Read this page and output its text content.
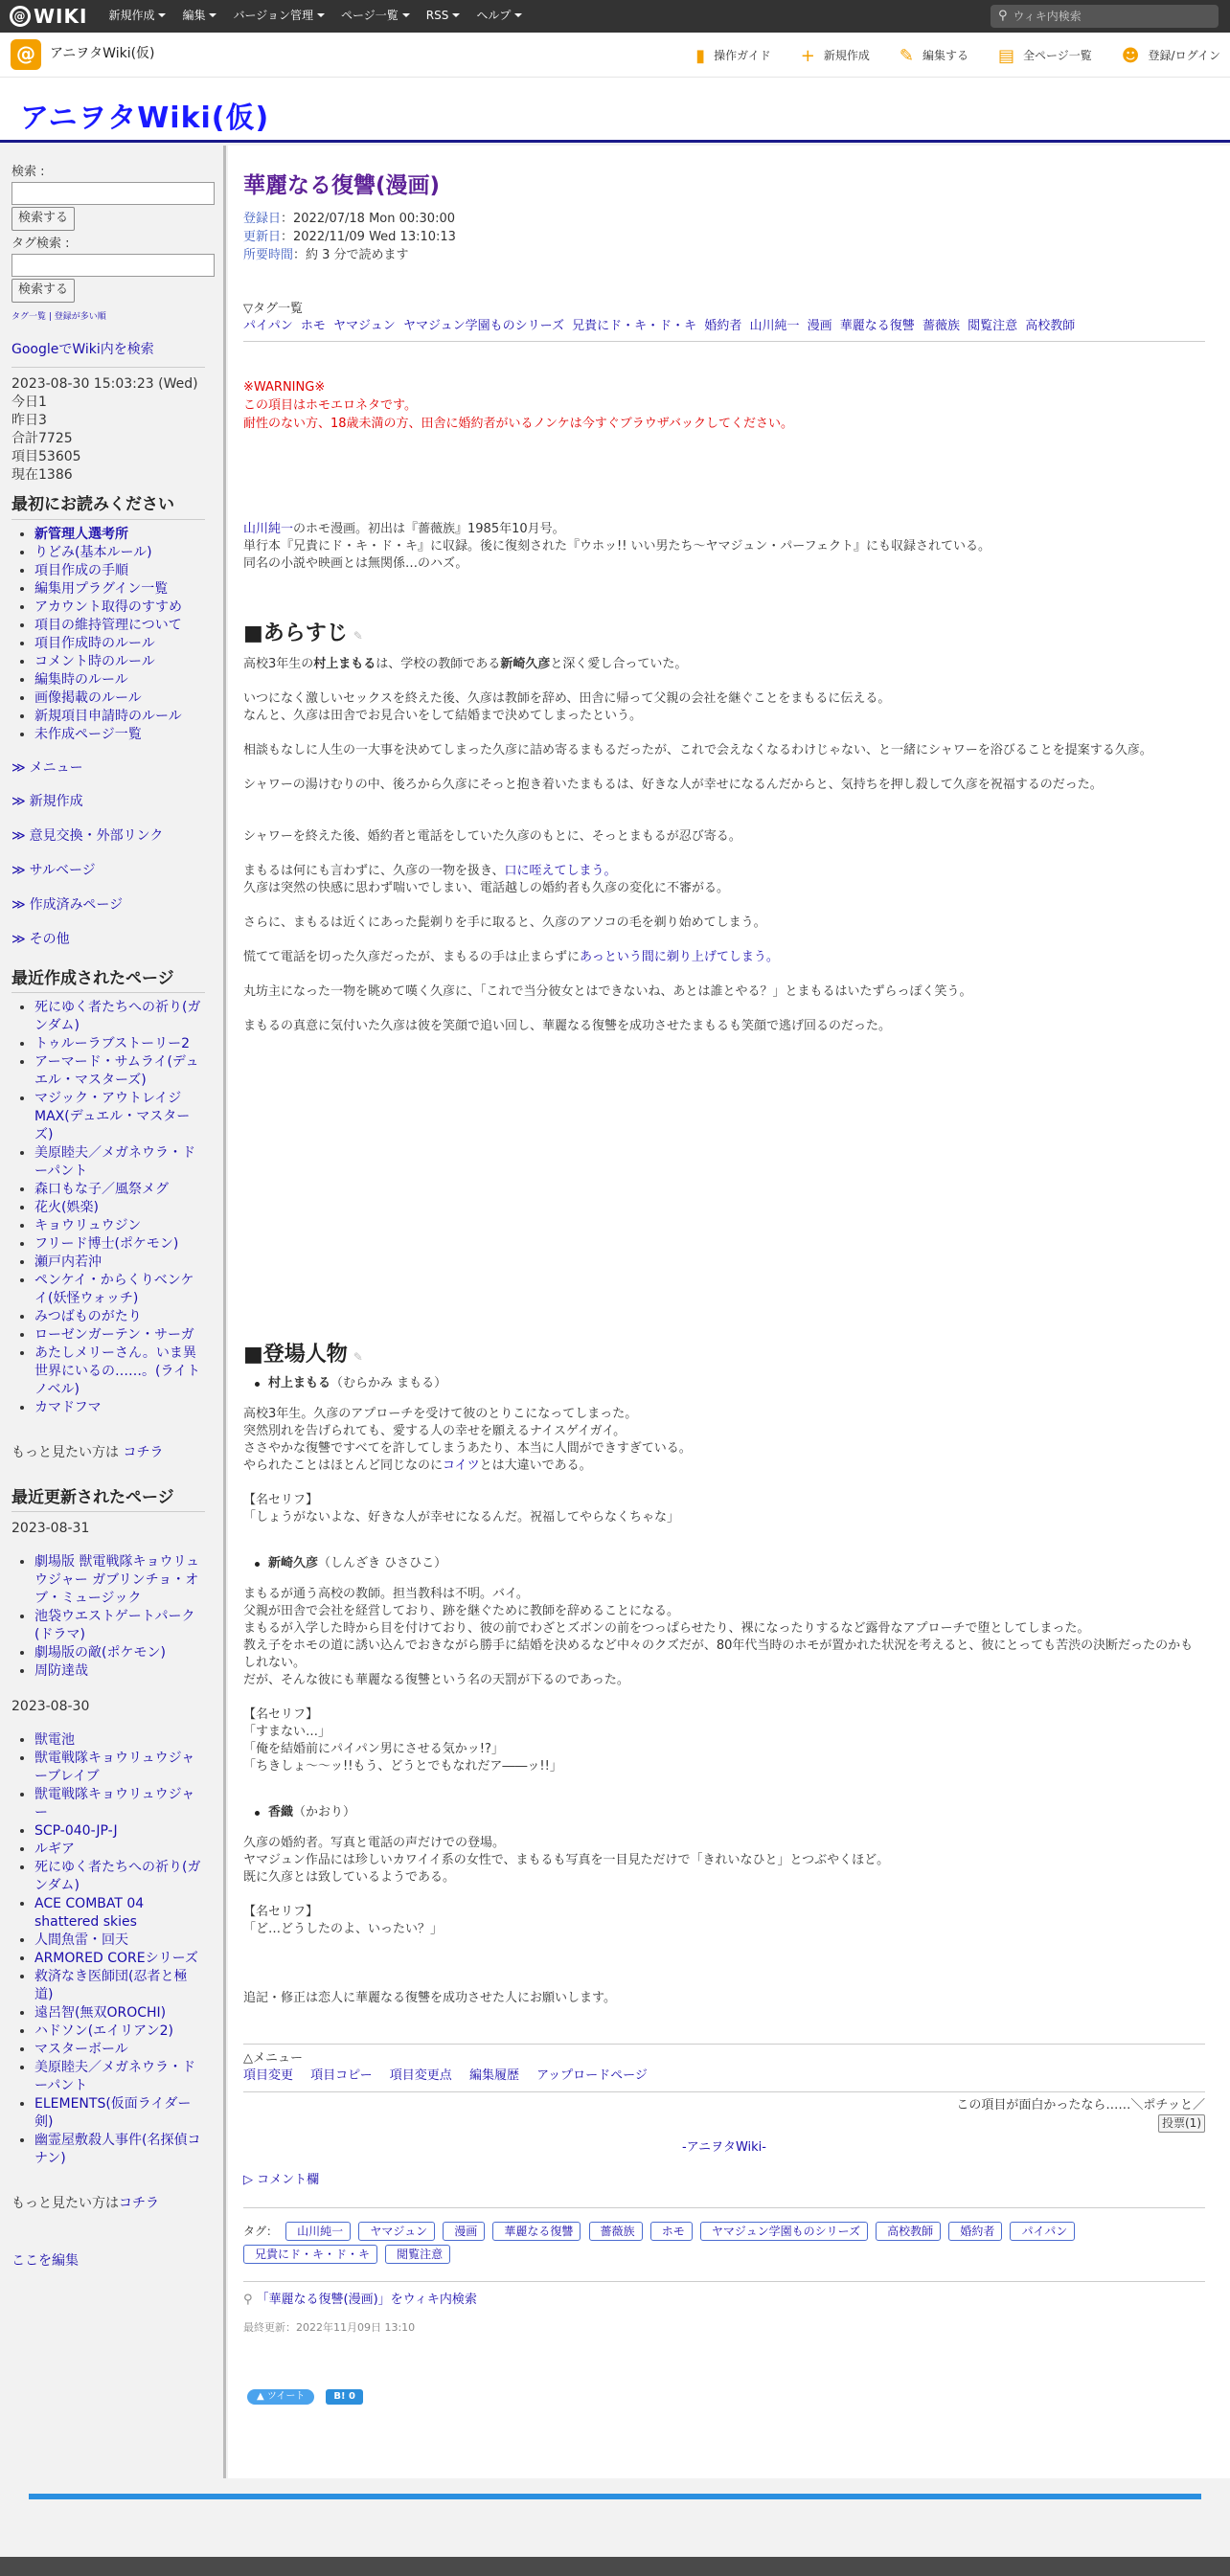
@ WIKI 新規作成	編集	バージョン管理	ページ一覧	RSS	ヘルプ	⚲
ウィキ内検索
@	アニヲタWiki(仮)	▮ 操作ガイド + 新規作成 ✎ 編集する ▤ 全ページ一覧 ☻ 登録/ログイン
アニヲタWiki(仮)
検索 :

検索する
タグ検索 :

検索する
タグ一覧 | 登録が多い順
GoogleでWiki内を検索
2023-08-30 15:03:23 (Wed)
今日1
昨日3
合計7725
項目53605
現在1386
最初にお読みください
• 新管理人選考所
• りどみ(基本ルール)
• 項目作成の手順
• 編集用プラグイン一覧
• アカウント取得のすすめ
• 項目の維持管理について
• 項目作成時のルール
• コメント時のルール
• 編集時のルール
• 画像掲載のルール
• 新規項目申請時のルール
• 未作成ページ一覧
≫ メニュー
≫ 新規作成
≫ 意見交換・外部リンク
≫ サルベージ
≫ 作成済みページ
≫ その他
最近作成されたページ
• 死にゆく者たちへの祈り(ガンダム)
• トゥルーラブストーリー2
• アーマード・サムライ(デュエル・マスターズ)
• マジック・アウトレイジMAX(デュエル・マスターズ)
• 美原睦夫／メガネウラ・ドーパント
• 森口もな子／風祭メグ
• 花火(娯楽)
• キョウリュウジン
• フリード博士(ポケモン)
• 瀬戸内若沖
• ペンケイ・からくりベンケイ(妖怪ウォッチ)
• みつばものがたり
• ローゼンガーテン・サーガ
• あたしメリーさん。いま異世界にいるの……。(ライトノベル)
• カマドフマ
もっと見たい方は コチラ
最近更新されたページ
2023-08-31
• 劇場版 獣電戦隊キョウリュウジャー ガブリンチョ・オブ・ミュージック
• 池袋ウエストゲートパーク(ドラマ)
• 劇場版の敵(ポケモン)
• 周防達哉
2023-08-30
• 獣電池
• 獣電戦隊キョウリュウジャーブレイブ
• 獣電戦隊キョウリュウジャー
• SCP-040-JP-J
• ルギア
• 死にゆく者たちへの祈り(ガンダム)
• ACE COMBAT 04 shattered skies
• 人間魚雷・回天
• ARMORED COREシリーズ
• 救済なき医師団(忍者と極道)
• 遠呂智(無双OROCHI)
• ハドソン(エイリアン2)
• マスターボール
• 美原睦夫／メガネウラ・ドーパント
• ELEMENTS(仮面ライダー剣)
• 幽霊屋敷殺人事件(名探偵コナン)
もっと見たい方はコチラ
ここを編集
華麗なる復讐(漫画)
登録日：2022/07/18 Mon 00:30:00
更新日：2022/11/09 Wed 13:10:13
所要時間：約 3 分で読めます
▽タグ一覧
パイパン ホモ ヤマジュン ヤマジュン学園ものシリーズ 兄貴にド・キ・ド・キ 婚約者 山川純一 漫画 華麗なる復讐 薔薇族 閲覧注意 高校教師
※WARNING※
この項目はホモエロネタです。
耐性のない方、18歳未満の方、田舎に婚約者がいるノンケは今すぐブラウザバックしてください。

山川純一のホモ漫画。初出は『薔薇族』1985年10月号。

単行本『兄貴にド・キ・ド・キ』に収録。後に復刻された『ウホッ!! いい男たち〜ヤマジュン・パーフェクト』にも収録されている。

同名の小説や映画とは無関係…のハズ。

■あらすじ ✎

高校3年生の村上まもるは、学校の教師である新崎久彦と深く愛し合っていた。

いつになく激しいセックスを終えた後、久彦は教師を辞め、田舎に帰って父親の会社を継ぐことをまもるに伝える。

なんと、久彦は田舎でお見合いをして結婚まで決めてしまったという。

相談もなしに人生の一大事を決めてしまった久彦に詰め寄るまもるだったが、これで会えなくなるわけじゃない、と一緒にシャワーを浴びることを提案する久彦。

シャワーの湯けむりの中、後ろから久彦にそっと抱き着いたまもるは、好きな人が幸せになるんだからと、気持ちを押し殺して久彦を祝福するのだった。

シャワーを終えた後、婚約者と電話をしていた久彦のもとに、そっとまもるが忍び寄る。

まもるは何にも言わずに、久彦の一物を扱き、口に咥えてしまう。

久彦は突然の快感に思わず喘いでしまい、電話越しの婚約者も久彦の変化に不審がる。

さらに、まもるは近くにあった髭剃りを手に取ると、久彦のアソコの毛を剃り始めてしまう。

慌てて電話を切った久彦だったが、まもるの手は止まらずにあっという間に剃り上げてしまう。

丸坊主になった一物を眺めて嘆く久彦に、「これで当分彼女とはできないね、あとは誰とやる？」とまもるはいたずらっぽく笑う。

まもるの真意に気付いた久彦は彼を笑顔で追い回し、華麗なる復讐を成功させたまもるも笑顔で逃げ回るのだった。

■登場人物 ✎

村上まもる（むらかみ まもる）

高校3年生。久彦のアプローチを受けて彼のとりこになってしまった。

突然別れを告げられても、愛する人の幸せを願えるナイスゲイガイ。

ささやかな復讐ですべてを許してしまうあたり、本当に人間ができすぎている。

やられたことはほとんど同じなのにコイツとは大違いである。

【名セリフ】

「しょうがないよな、好きな人が幸せになるんだ。祝福してやらなくちゃな」

新崎久彦（しんざき ひさひこ）

まもるが通う高校の教師。担当教科は不明。バイ。

父親が田舎で会社を経営しており、跡を継ぐために教師を辞めることになる。

まもるが入学した時から目を付けており、彼の前でわざとズボンの前をつっぱらせたり、裸になったりするなど露骨なアプローチで堕としてしまった。

教え子をホモの道に誘い込んでおきながら勝手に結婚を決めるなど中々のクズだが、80年代当時のホモが置かれた状況を考えると、彼にとっても苦渋の決断だったのかもしれない。

だが、そんな彼にも華麗なる復讐という名の天罰が下るのであった。

【名セリフ】

「すまない…」

「俺を結婚前にパイパン男にさせる気かッ!?」

「ちきしょ〜〜ッ!!もう、どうとでもなれだア――ッ!!」

香織（かおり）

久彦の婚約者。写真と電話の声だけでの登場。

ヤマジュン作品には珍しいカワイイ系の女性で、まもるも写真を一目見ただけで「きれいなひと」とつぶやくほど。

既に久彦とは致しているようである。

【名セリフ】

「ど…どうしたのよ、いったい？」

追記・修正は恋人に華麗なる復讐を成功させた人にお願いします。

△メニュー
項目変更 項目コピー 項目変更点 編集履歴 アップロードページ
この項目が面白かったなら……＼ポチッと／
投票(1)
-アニヲタWiki-
▷ コメント欄
タグ： 山川純一 ヤマジュン 漫画 華麗なる復讐 薔薇族 ホモ ヤマジュン学園ものシリーズ 高校教師 婚約者 パイパン 兄貴にド・キ・ド・キ 閲覧注意
⚲ 「華麗なる復讐(漫画)」をウィキ内検索
最終更新：2022年11月09日 13:10
▲ ツイート	B! 0
